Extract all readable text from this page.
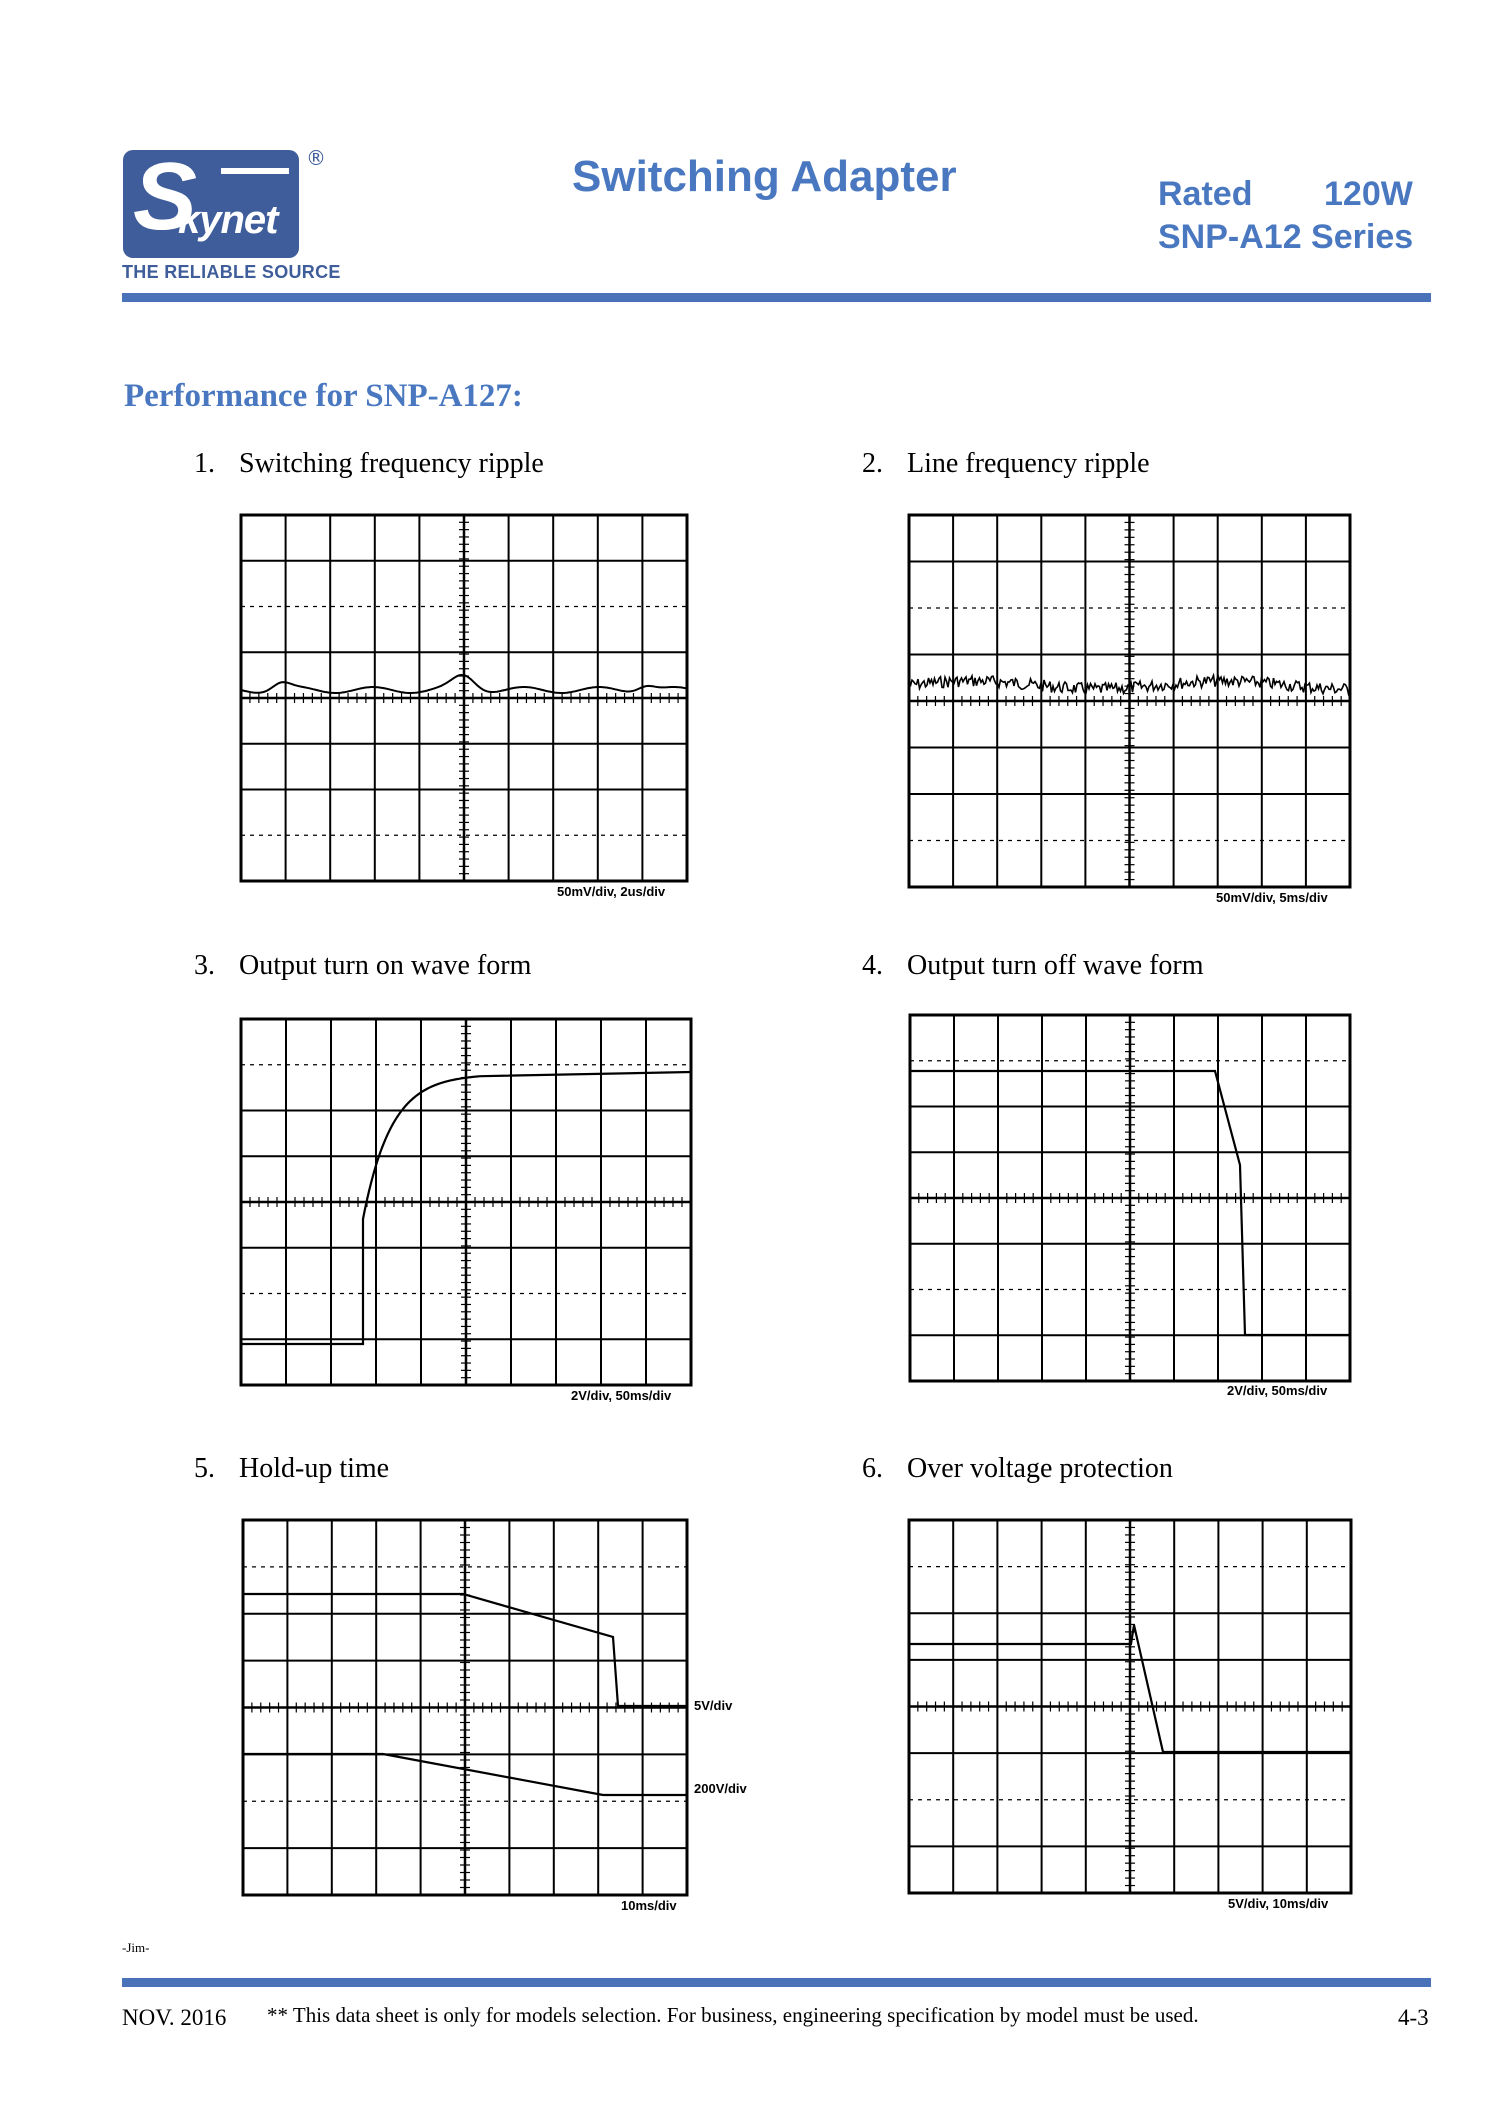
S
kynet
®
THE RELIABLE SOURCE
Switching Adapter	Rated 120W
SNP-A12 Series
Performance for SNP-A127:
1. Switching frequency ripple	2. Line frequency ripple
3. Output turn on wave form	4. Output turn off wave form
5. Hold-up time	6. Over voltage protection
50mV/div, 2us/div	50mV/div, 5ms/div
2V/div, 50ms/div	2V/div, 50ms/div
10ms/div
5V/div
200V/div
5V/div, 10ms/div
-Jim-
NOV. 2016 ** This data sheet is only for models selection. For business, engineering specification by model must be used.	4-3
